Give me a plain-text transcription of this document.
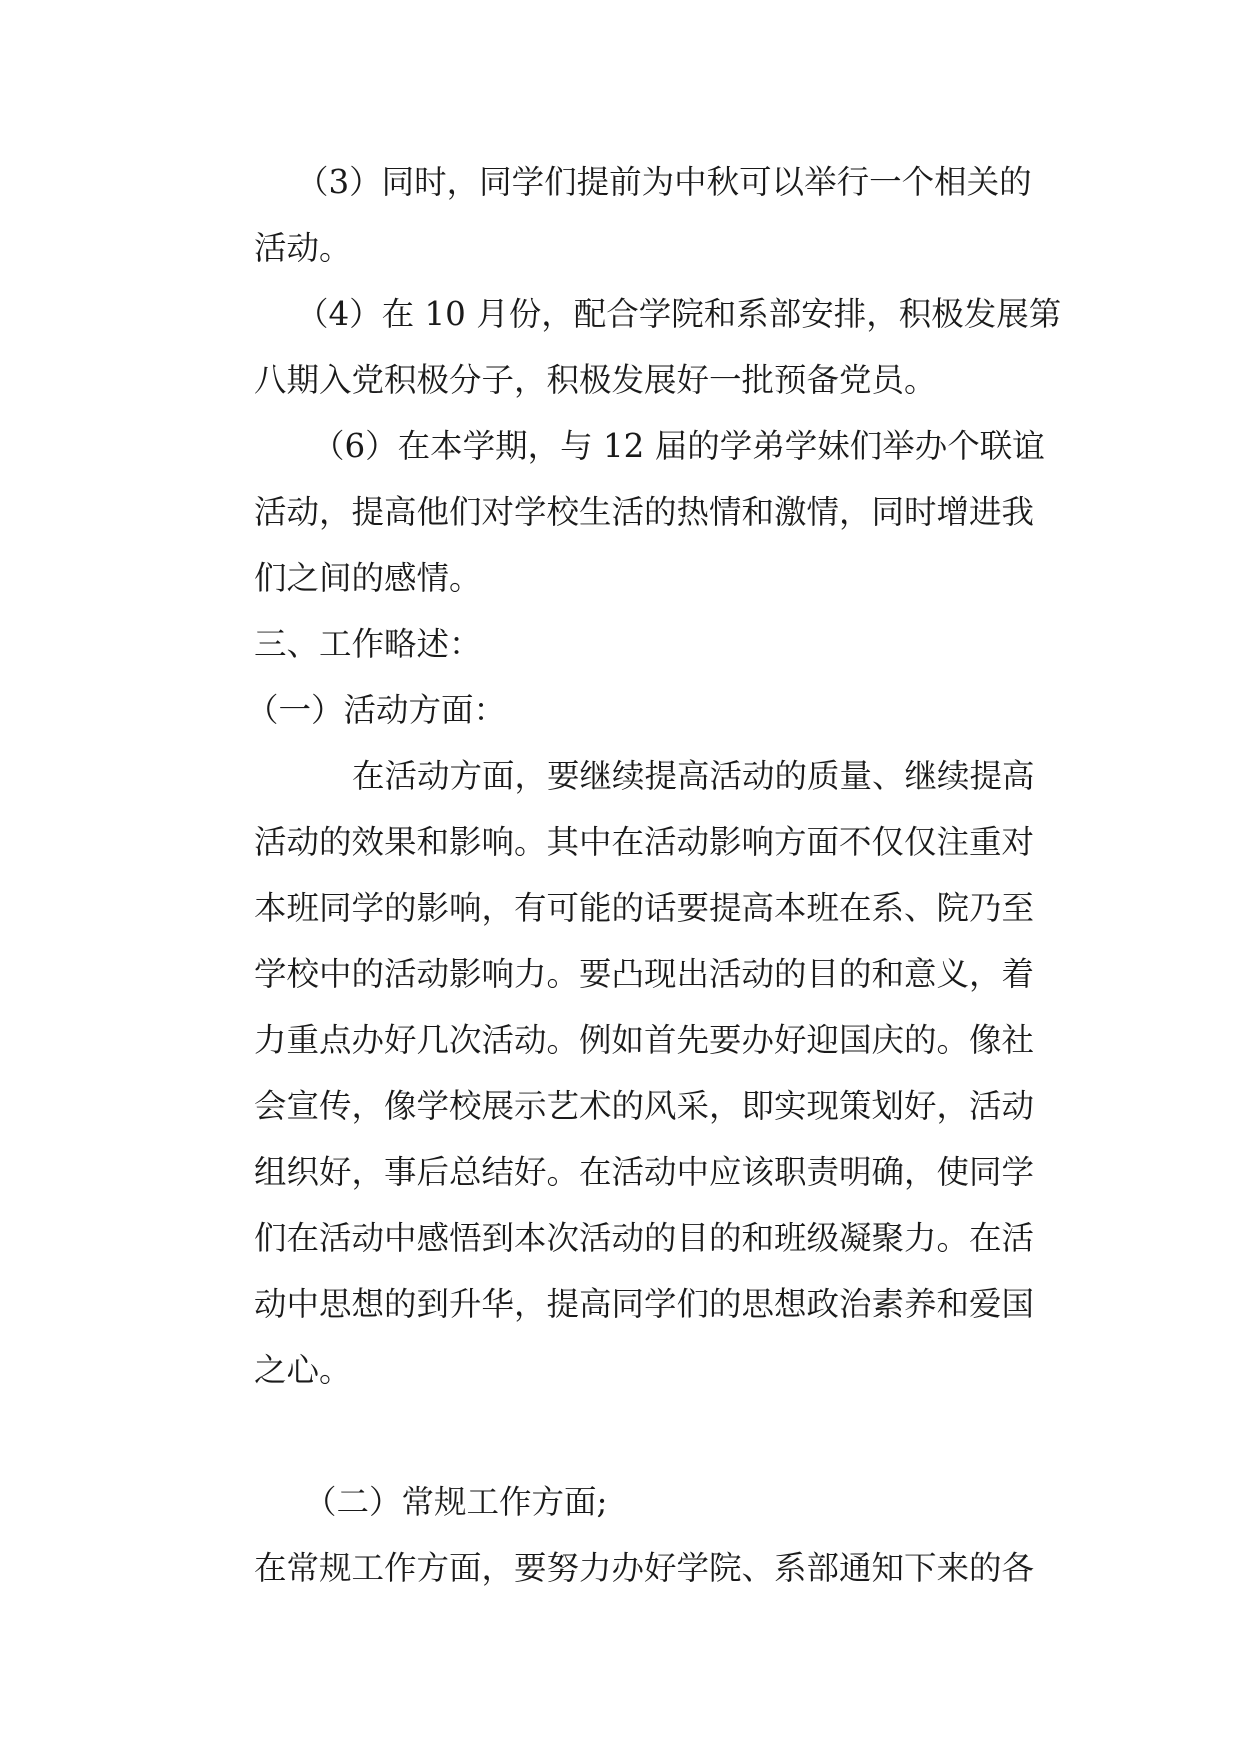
（3）同时，同学们提前为中秋可以举行一个相关的
活动。
（4）在 10 月份，配合学院和系部安排，积极发展第
八期入党积极分子，积极发展好一批预备党员。
（6）在本学期，与 12 届的学弟学妹们举办个联谊
活动，提高他们对学校生活的热情和激情，同时增进我
们之间的感情。
三、工作略述：
（一）活动方面：
在活动方面，要继续提高活动的质量、继续提高
活动的效果和影响。其中在活动影响方面不仅仅注重对
本班同学的影响，有可能的话要提高本班在系、院乃至
学校中的活动影响力。要凸现出活动的目的和意义，着
力重点办好几次活动。例如首先要办好迎国庆的。像社
会宣传，像学校展示艺术的风采，即实现策划好，活动
组织好，事后总结好。在活动中应该职责明确，使同学
们在活动中感悟到本次活动的目的和班级凝聚力。在活
动中思想的到升华，提高同学们的思想政治素养和爱国
之心。
（二）常规工作方面;
在常规工作方面，要努力办好学院、系部通知下来的各
